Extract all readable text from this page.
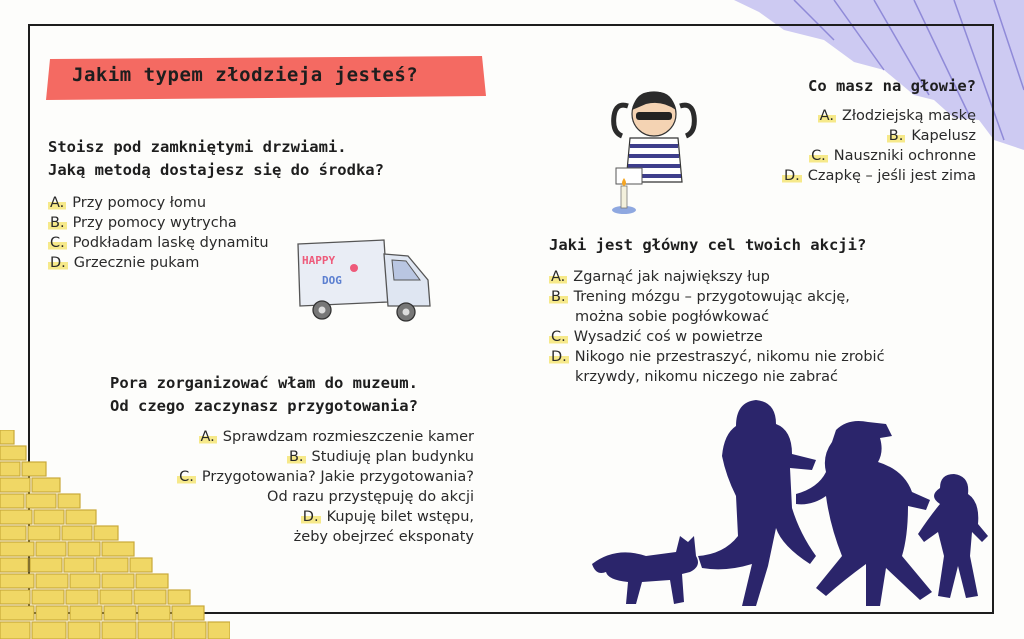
Jakim typem złodzieja jesteś?
Stoisz pod zamkniętymi drzwiami.
Jaką metodą dostajesz się do środka?
A. Przy pomocy łomu
B. Przy pomocy wytrycha
C. Podkładam laskę dynamitu
D. Grzecznie pukam	HAPPY
DOG
Co masz na głowie?
A. Złodziejską maskę
B. Kapelusz
C. Nauszniki ochronne
D. Czapkę – jeśli jest zima
Jaki jest główny cel twoich akcji?
A. Zgarnąć jak największy łup
B. Trening mózgu – przygotowując akcję,
można sobie pogłówkować
C. Wysadzić coś w powietrze
D. Nikogo nie przestraszyć, nikomu nie zrobić
krzywdy, nikomu niczego nie zabrać
Pora zorganizować włam do muzeum.
Od czego zaczynasz przygotowania?
A. Sprawdzam rozmieszczenie kamer
B. Studiuję plan budynku
C. Przygotowania? Jakie przygotowania?
Od razu przystępuję do akcji
D. Kupuję bilet wstępu,
żeby obejrzeć eksponaty
